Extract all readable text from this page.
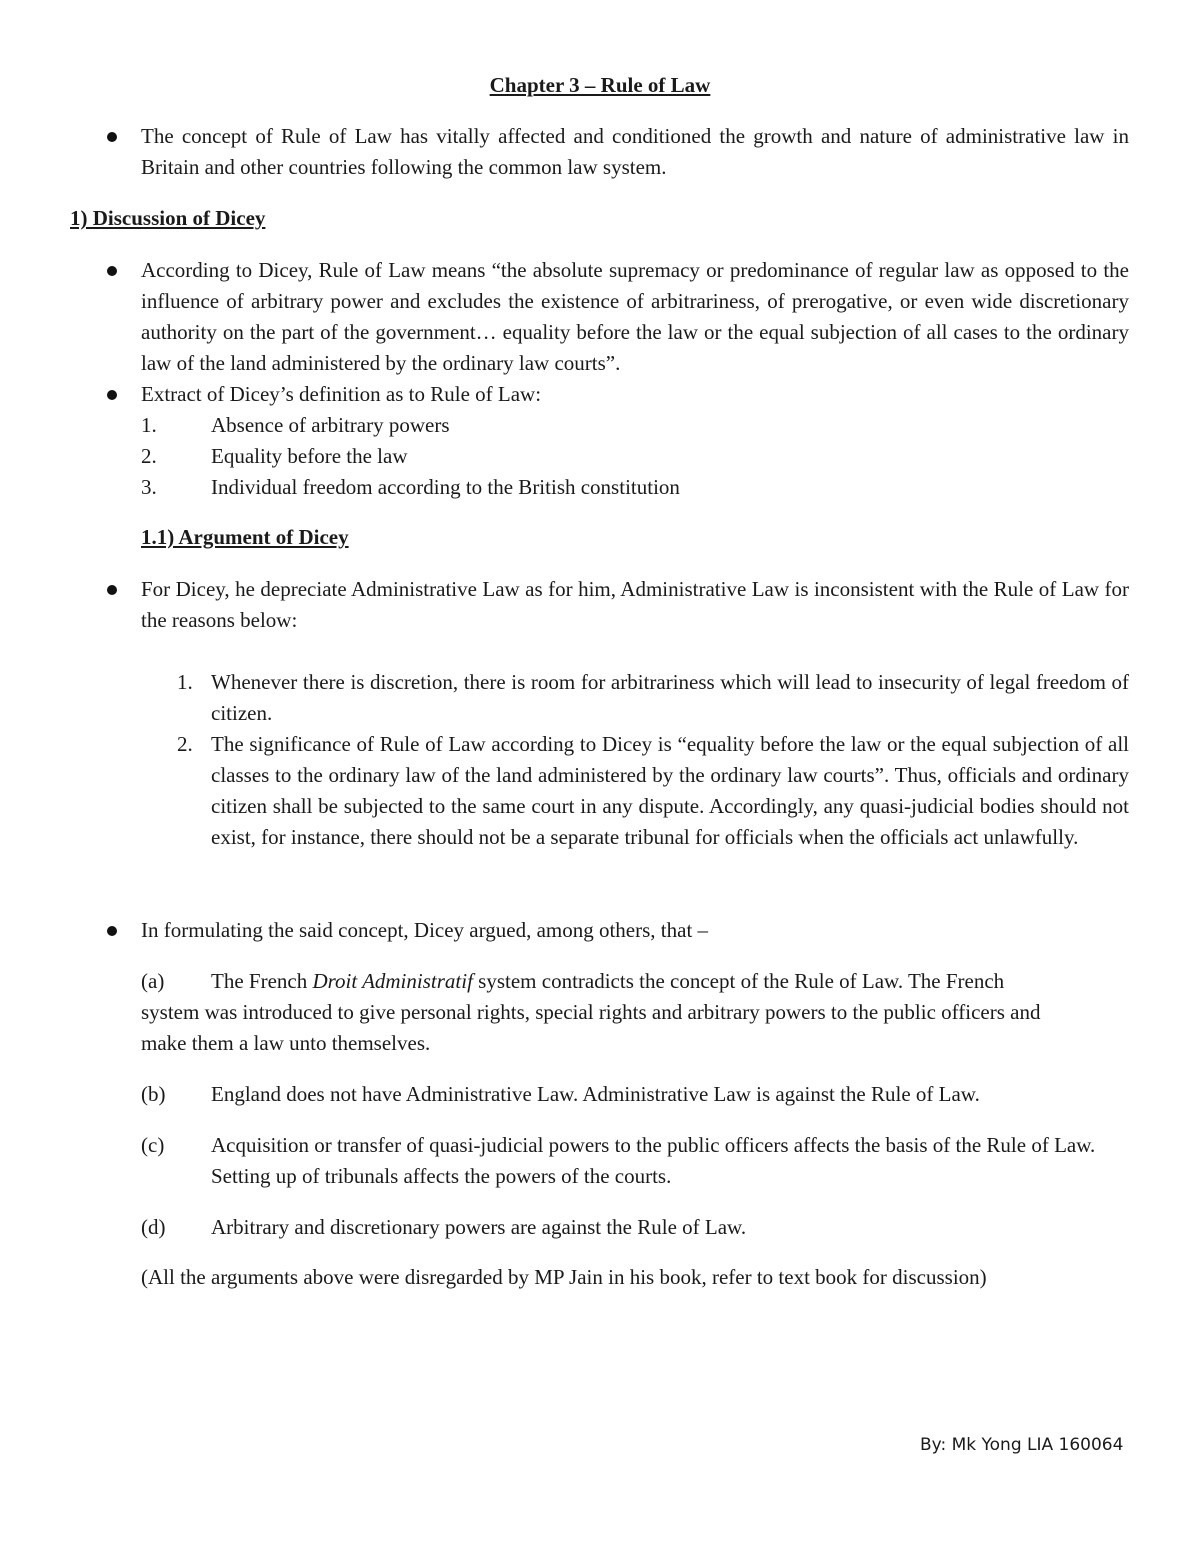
Chapter 3 – Rule of Law
The concept of Rule of Law has vitally affected and conditioned the growth and nature of administrative law in Britain and other countries following the common law system.
1) Discussion of Dicey
According to Dicey, Rule of Law means “the absolute supremacy or predominance of regular law as opposed to the influence of arbitrary power and excludes the existence of arbitrariness, of prerogative, or even wide discretionary authority on the part of the government… equality before the law or the equal subjection of all cases to the ordinary law of the land administered by the ordinary law courts”.
Extract of Dicey’s definition as to Rule of Law:
1.	Absence of arbitrary powers
2.	Equality before the law
3.	Individual freedom according to the British constitution
1.1) Argument of Dicey
For Dicey, he depreciate Administrative Law as for him, Administrative Law is inconsistent with the Rule of Law for the reasons below:
1. Whenever there is discretion, there is room for arbitrariness which will lead to insecurity of legal freedom of citizen.
2. The significance of Rule of Law according to Dicey is “equality before the law or the equal subjection of all classes to the ordinary law of the land administered by the ordinary law courts”. Thus, officials and ordinary citizen shall be subjected to the same court in any dispute. Accordingly, any quasi-judicial bodies should not exist, for instance, there should not be a separate tribunal for officials when the officials act unlawfully.
In formulating the said concept, Dicey argued, among others, that –
(a)	The French Droit Administratif system contradicts the concept of the Rule of Law. The French system was introduced to give personal rights, special rights and arbitrary powers to the public officers and make them a law unto themselves.
(b) England does not have Administrative Law. Administrative Law is against the Rule of Law.
(c) Acquisition or transfer of quasi-judicial powers to the public officers affects the basis of the Rule of Law. Setting up of tribunals affects the powers of the courts.
(d) Arbitrary and discretionary powers are against the Rule of Law.
(All the arguments above were disregarded by MP Jain in his book, refer to text book for discussion)
By: Mk Yong LIA 160064
